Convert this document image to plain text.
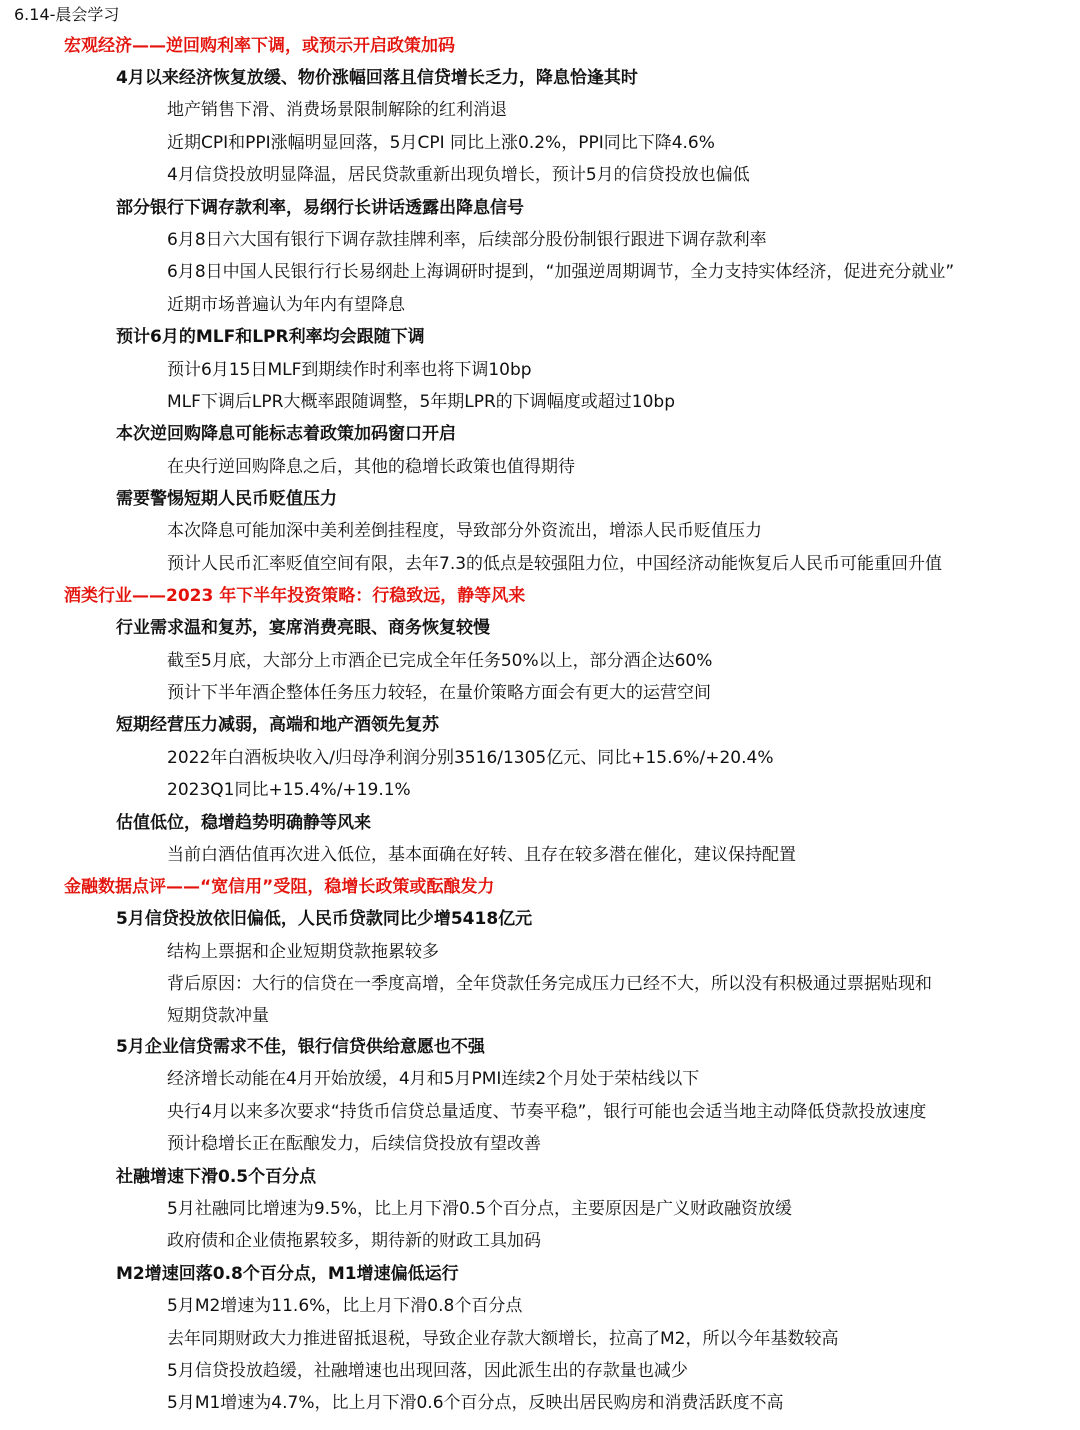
6.14-晨会学习
宏观经济——逆回购利率下调，或预示开启政策加码
4月以来经济恢复放缓、物价涨幅回落且信贷增长乏力，降息恰逢其时
地产销售下滑、消费场景限制解除的红利消退
近期CPI和PPI涨幅明显回落，5月CPI 同比上涨0.2%，PPI同比下降4.6%
4月信贷投放明显降温，居民贷款重新出现负增长，预计5月的信贷投放也偏低
部分银行下调存款利率，易纲行长讲话透露出降息信号
6月8日六大国有银行下调存款挂牌利率，后续部分股份制银行跟进下调存款利率
6月8日中国人民银行行长易纲赴上海调研时提到，“加强逆周期调节，全力支持实体经济，促进充分就业”
近期市场普遍认为年内有望降息
预计6月的MLF和LPR利率均会跟随下调
预计6月15日MLF到期续作时利率也将下调10bp
MLF下调后LPR大概率跟随调整，5年期LPR的下调幅度或超过10bp
本次逆回购降息可能标志着政策加码窗口开启
在央行逆回购降息之后，其他的稳增长政策也值得期待
需要警惕短期人民币贬值压力
本次降息可能加深中美利差倒挂程度，导致部分外资流出，增添人民币贬值压力
预计人民币汇率贬值空间有限，去年7.3的低点是较强阻力位，中国经济动能恢复后人民币可能重回升值
酒类行业——2023 年下半年投资策略：行稳致远，静等风来
行业需求温和复苏，宴席消费亮眼、商务恢复较慢
截至5月底，大部分上市酒企已完成全年任务50%以上，部分酒企达60%
预计下半年酒企整体任务压力较轻，在量价策略方面会有更大的运营空间
短期经营压力减弱，高端和地产酒领先复苏
2022年白酒板块收入/归母净利润分别3516/1305亿元、同比+15.6%/+20.4%
2023Q1同比+15.4%/+19.1%
估值低位，稳增趋势明确静等风来
当前白酒估值再次进入低位，基本面确在好转、且存在较多潜在催化，建议保持配置
金融数据点评——“宽信用”受阻，稳增长政策或酝酿发力
5月信贷投放依旧偏低，人民币贷款同比少增5418亿元
结构上票据和企业短期贷款拖累较多
背后原因：大行的信贷在一季度高增，全年贷款任务完成压力已经不大，所以没有积极通过票据贴现和
短期贷款冲量
5月企业信贷需求不佳，银行信贷供给意愿也不强
经济增长动能在4月开始放缓，4月和5月PMI连续2个月处于荣枯线以下
央行4月以来多次要求“持货币信贷总量适度、节奏平稳”，银行可能也会适当地主动降低贷款投放速度
预计稳增长正在酝酿发力，后续信贷投放有望改善
社融增速下滑0.5个百分点
5月社融同比增速为9.5%，比上月下滑0.5个百分点，主要原因是广义财政融资放缓
政府债和企业债拖累较多，期待新的财政工具加码
M2增速回落0.8个百分点，M1增速偏低运行
5月M2增速为11.6%，比上月下滑0.8个百分点
去年同期财政大力推进留抵退税，导致企业存款大额增长，拉高了M2，所以今年基数较高
5月信贷投放趋缓，社融增速也出现回落，因此派生出的存款量也减少
5月M1增速为4.7%，比上月下滑0.6个百分点，反映出居民购房和消费活跃度不高
